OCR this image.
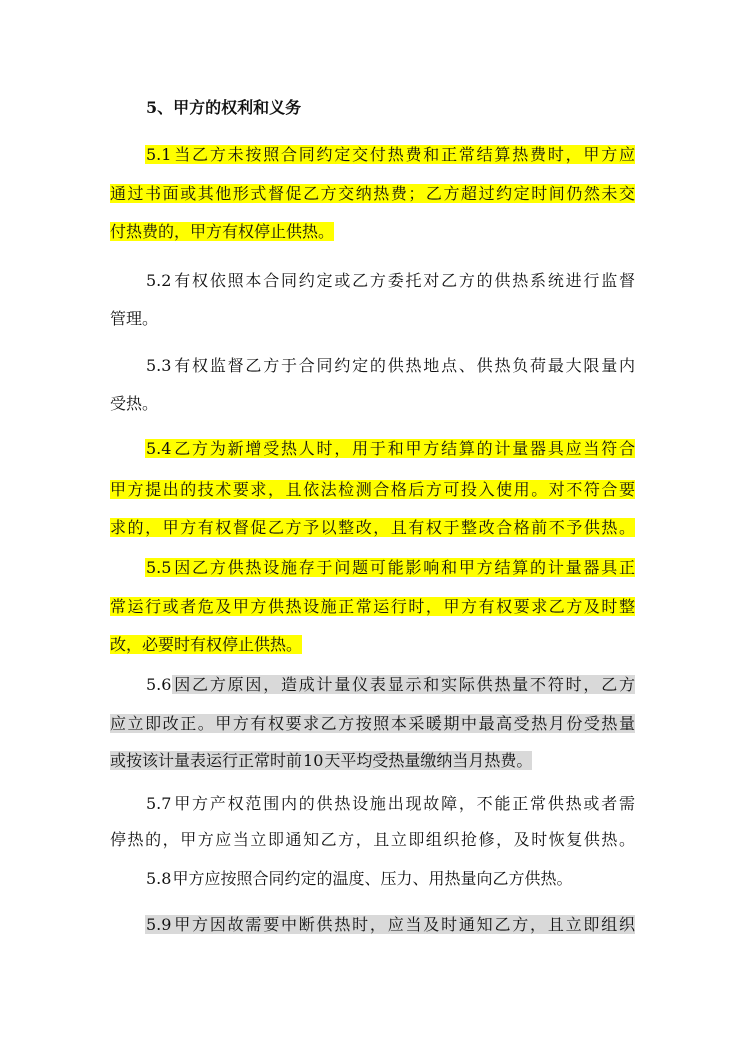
5、甲方的权利和义务
5.1当乙方未按照合同约定交付热费和正常结算热费时，甲方应
通过书面或其他形式督促乙方交纳热费；乙方超过约定时间仍然未交
付热费的，甲方有权停止供热。
5.2有权依照本合同约定或乙方委托对乙方的供热系统进行监督
管理。
5.3有权监督乙方于合同约定的供热地点、供热负荷最大限量内
受热。
5.4乙方为新增受热人时，用于和甲方结算的计量器具应当符合
甲方提出的技术要求，且依法检测合格后方可投入使用。对不符合要
求的，甲方有权督促乙方予以整改，且有权于整改合格前不予供热。
5.5因乙方供热设施存于问题可能影响和甲方结算的计量器具正
常运行或者危及甲方供热设施正常运行时，甲方有权要求乙方及时整
改，必要时有权停止供热。
5.6因乙方原因，造成计量仪表显示和实际供热量不符时，乙方
应立即改正。甲方有权要求乙方按照本采暖期中最高受热月份受热量
或按该计量表运行正常时前10天平均受热量缴纳当月热费。
5.7甲方产权范围内的供热设施出现故障，不能正常供热或者需
停热的，甲方应当立即通知乙方，且立即组织抢修，及时恢复供热。
5.8甲方应按照合同约定的温度、压力、用热量向乙方供热。
5.9甲方因故需要中断供热时，应当及时通知乙方，且立即组织
